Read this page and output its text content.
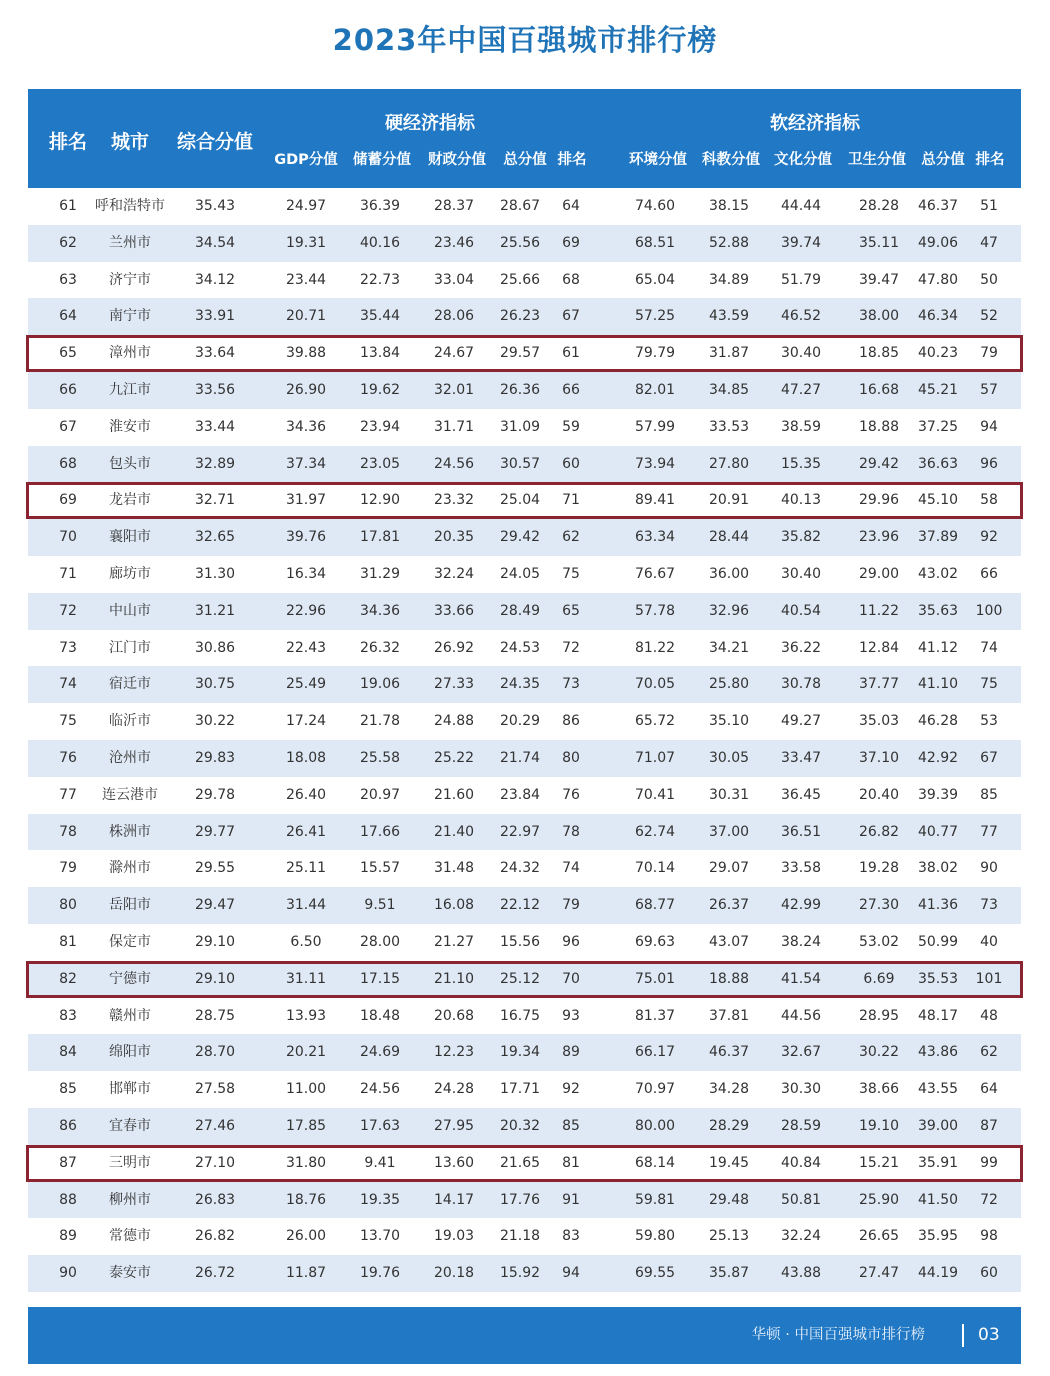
2023年中国百强城市排行榜
排名 城市	综合分值
硬经济指标	软经济指标
GDP分值	储蓄分值	财政分值	总分值 排名	环境分值	科教分值 文化分值	卫生分值	总分值 排名
61	呼和浩特市	35.43	24.97	36.39	28.37	28.67	64	74.60	38.15	44.44	28.28	46.37	51
62	兰州市	34.54	19.31	40.16	23.46	25.56	69	68.51	52.88	39.74	35.11	49.06	47
63	济宁市	34.12	23.44	22.73	33.04	25.66	68	65.04	34.89	51.79	39.47	47.80	50
64	南宁市	33.91	20.71	35.44	28.06	26.23	67	57.25	43.59	46.52	38.00	46.34	52
65	漳州市	33.64	39.88	13.84	24.67	29.57	61	79.79	31.87	30.40	18.85	40.23	79
66	九江市	33.56	26.90	19.62	32.01	26.36	66	82.01	34.85	47.27	16.68	45.21	57
67	淮安市	33.44	34.36	23.94	31.71	31.09	59	57.99	33.53	38.59	18.88	37.25	94
68	包头市	32.89	37.34	23.05	24.56	30.57	60	73.94	27.80	15.35	29.42	36.63	96
69	龙岩市	32.71	31.97	12.90	23.32	25.04	71	89.41	20.91	40.13	29.96	45.10	58
70	襄阳市	32.65	39.76	17.81	20.35	29.42	62	63.34	28.44	35.82	23.96	37.89	92
71	廊坊市	31.30	16.34	31.29	32.24	24.05	75	76.67	36.00	30.40	29.00	43.02	66
72	中山市	31.21	22.96	34.36	33.66	28.49	65	57.78	32.96	40.54	11.22	35.63	100
73	江门市	30.86	22.43	26.32	26.92	24.53	72	81.22	34.21	36.22	12.84	41.12	74
74	宿迁市	30.75	25.49	19.06	27.33	24.35	73	70.05	25.80	30.78	37.77	41.10	75
75	临沂市	30.22	17.24	21.78	24.88	20.29	86	65.72	35.10	49.27	35.03	46.28	53
76	沧州市	29.83	18.08	25.58	25.22	21.74	80	71.07	30.05	33.47	37.10	42.92	67
77	连云港市	29.78	26.40	20.97	21.60	23.84	76	70.41	30.31	36.45	20.40	39.39	85
78	株洲市	29.77	26.41	17.66	21.40	22.97	78	62.74	37.00	36.51	26.82	40.77	77
79	滁州市	29.55	25.11	15.57	31.48	24.32	74	70.14	29.07	33.58	19.28	38.02	90
80	岳阳市	29.47	31.44	9.51	16.08	22.12	79	68.77	26.37	42.99	27.30	41.36	73
81	保定市	29.10	6.50	28.00	21.27	15.56	96	69.63	43.07	38.24	53.02	50.99	40
82	宁德市	29.10	31.11	17.15	21.10	25.12	70	75.01	18.88	41.54	6.69	35.53	101
83	赣州市	28.75	13.93	18.48	20.68	16.75	93	81.37	37.81	44.56	28.95	48.17	48
84	绵阳市	28.70	20.21	24.69	12.23	19.34	89	66.17	46.37	32.67	30.22	43.86	62
85	邯郸市	27.58	11.00	24.56	24.28	17.71	92	70.97	34.28	30.30	38.66	43.55	64
86	宜春市	27.46	17.85	17.63	27.95	20.32	85	80.00	28.29	28.59	19.10	39.00	87
87	三明市	27.10	31.80	9.41	13.60	21.65	81	68.14	19.45	40.84	15.21	35.91	99
88	柳州市	26.83	18.76	19.35	14.17	17.76	91	59.81	29.48	50.81	25.90	41.50	72
89	常德市	26.82	26.00	13.70	19.03	21.18	83	59.80	25.13	32.24	26.65	35.95	98
90	泰安市	26.72	11.87	19.76	20.18	15.92	94	69.55	35.87	43.88	27.47	44.19	60
华顿 · 中国百强城市排行榜	03
